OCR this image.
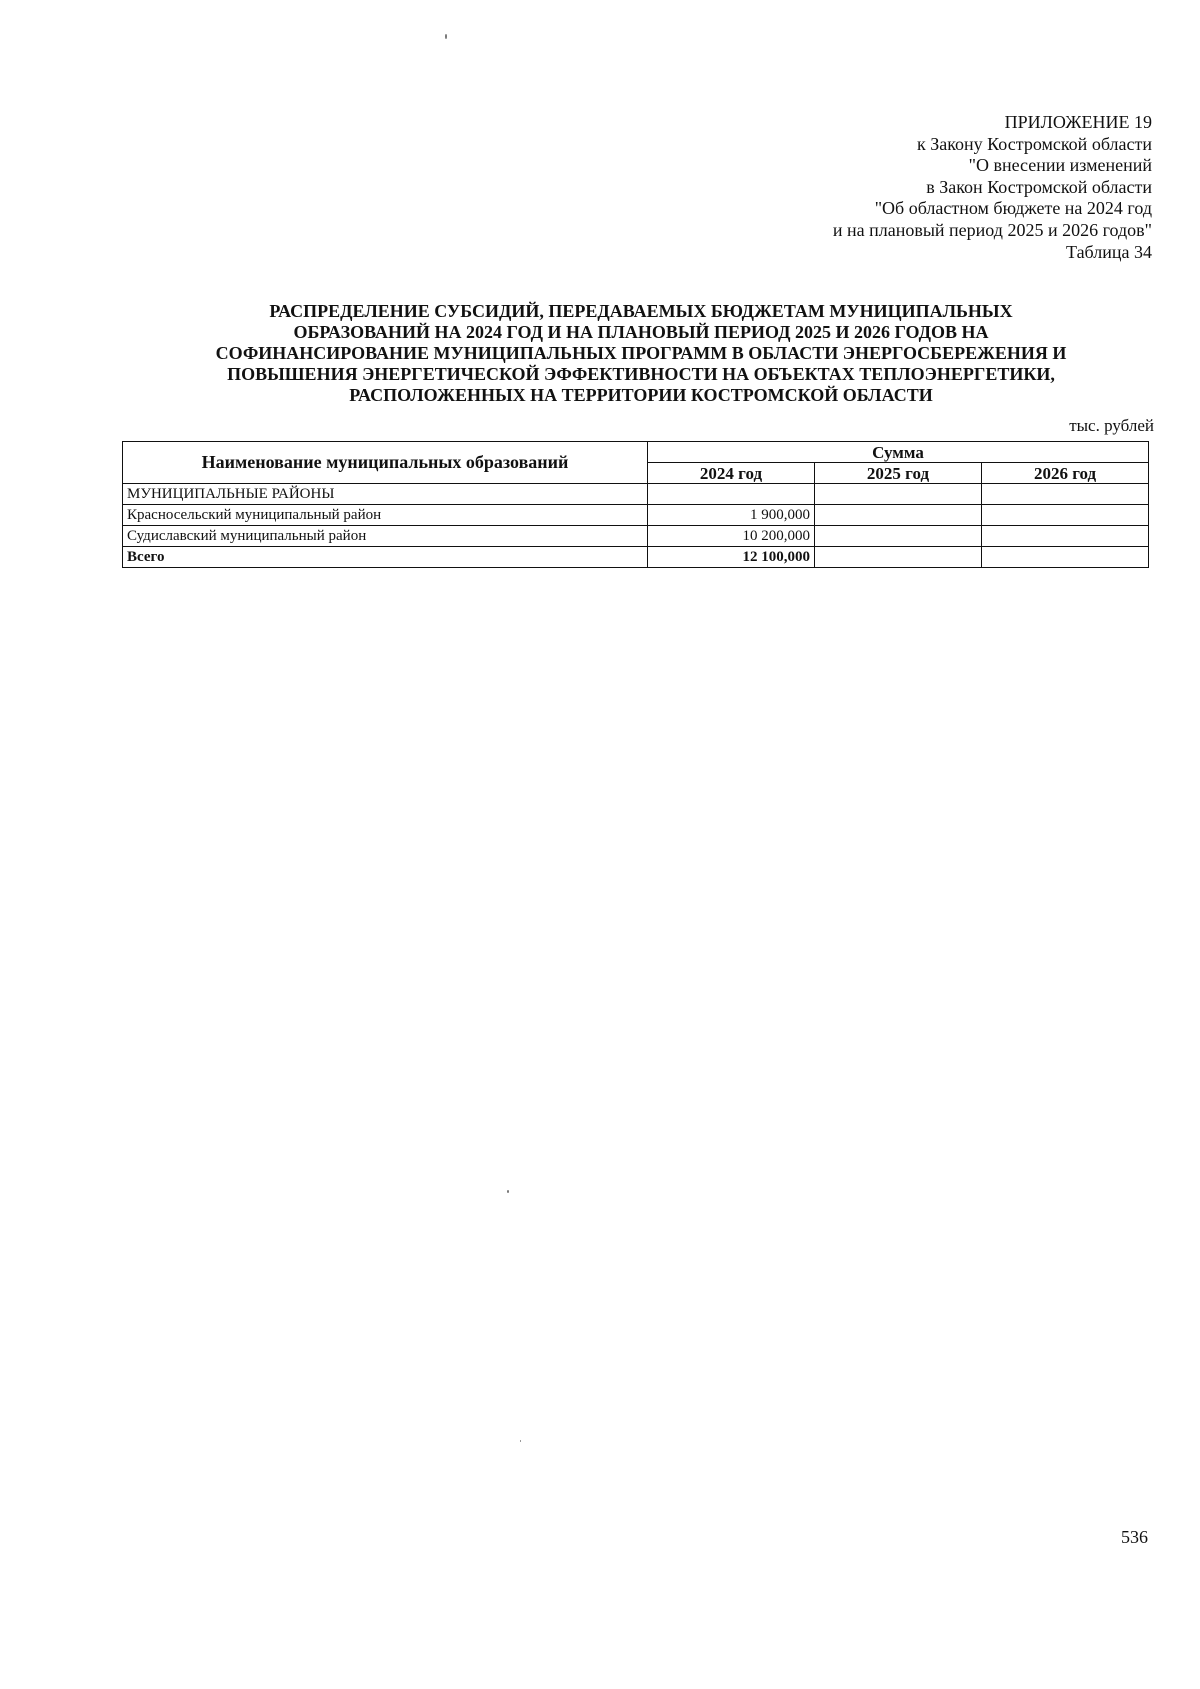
ПРИЛОЖЕНИЕ 19
к Закону Костромской области
"О внесении изменений
в Закон Костромской области
"Об областном бюджете на 2024 год
и на плановый период 2025 и 2026 годов"
Таблица 34
РАСПРЕДЕЛЕНИЕ СУБСИДИЙ, ПЕРЕДАВАЕМЫХ БЮДЖЕТАМ МУНИЦИПАЛЬНЫХ
ОБРАЗОВАНИЙ НА 2024 ГОД И НА ПЛАНОВЫЙ ПЕРИОД 2025 И 2026 ГОДОВ НА
СОФИНАНСИРОВАНИЕ МУНИЦИПАЛЬНЫХ ПРОГРАММ В ОБЛАСТИ ЭНЕРГОСБЕРЕЖЕНИЯ И
ПОВЫШЕНИЯ ЭНЕРГЕТИЧЕСКОЙ ЭФФЕКТИВНОСТИ НА ОБЪЕКТАХ ТЕПЛОЭНЕРГЕТИКИ,
РАСПОЛОЖЕННЫХ НА ТЕРРИТОРИИ КОСТРОМСКОЙ ОБЛАСТИ
тыс. рублей
Наименование муниципальных образований	Сумма		
	2024 год	2025 год	2026 год
МУНИЦИПАЛЬНЫЕ РАЙОНЫ			
Красносельский муниципальный район	1 900,000		
Судиславский муниципальный район	10 200,000		
Всего	12 100,000		
536
